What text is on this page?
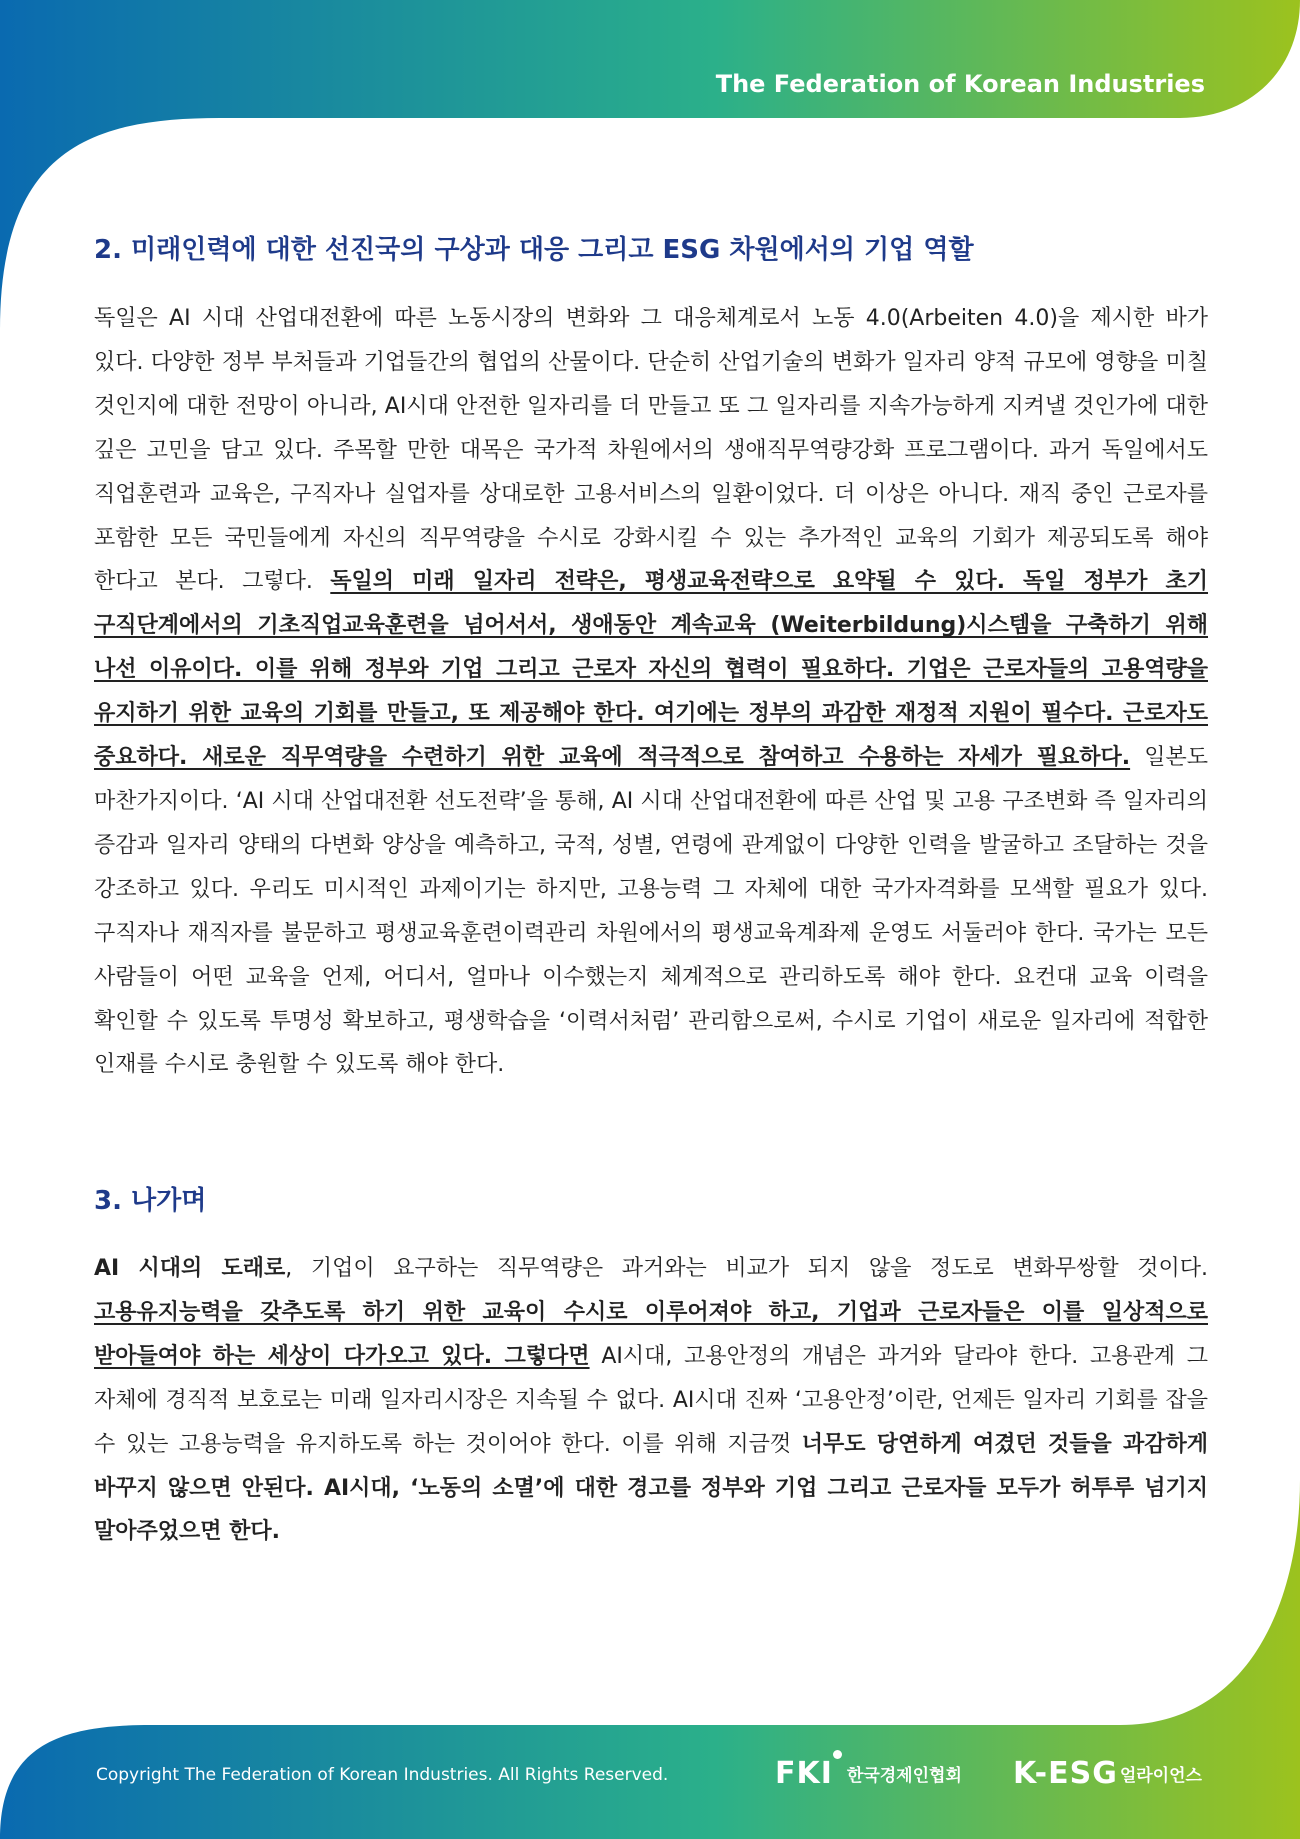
The Federation of Korean Industries
2. 미래인력에 대한 선진국의 구상과 대응 그리고 ESG 차원에서의 기업 역할

독일은 AI 시대 산업대전환에 따른 노동시장의 변화와 그 대응체계로서 노동 4.0(Arbeiten 4.0)을 제시한 바가 있다. 다양한 정부 부처들과 기업들간의 협업의 산물이다. 단순히 산업기술의 변화가 일자리 양적 규모에 영향을 미칠 것인지에 대한 전망이 아니라, AI시대 안전한 일자리를 더 만들고 또 그 일자리를 지속가능하게 지켜낼 것인가에 대한 깊은 고민을 담고 있다. 주목할 만한 대목은 국가적 차원에서의 생애직무역량강화 프로그램이다. 과거 독일에서도 직업훈련과 교육은, 구직자나 실업자를 상대로한 고용서비스의 일환이었다. 더 이상은 아니다. 재직 중인 근로자를 포함한 모든 국민들에게 자신의 직무역량을 수시로 강화시킬 수 있는 추가적인 교육의 기회가 제공되도록 해야 한다고 본다. 그렇다. 독일의 미래 일자리 전략은, 평생교육전략으로 요약될 수 있다. 독일 정부가 초기 구직단계에서의 기초직업교육훈련을 넘어서서, 생애동안 계속교육 (Weiterbildung)시스템을 구축하기 위해 나선 이유이다. 이를 위해 정부와 기업 그리고 근로자 자신의 협력이 필요하다. 기업은 근로자들의 고용역량을 유지하기 위한 교육의 기회를 만들고, 또 제공해야 한다. 여기에는 정부의 과감한 재정적 지원이 필수다. 근로자도 중요하다. 새로운 직무역량을 수련하기 위한 교육에 적극적으로 참여하고 수용하는 자세가 필요하다. 일본도 마찬가지이다. ‘AI 시대 산업대전환 선도전략’을 통해, AI 시대 산업대전환에 따른 산업 및 고용 구조변화 즉 일자리의 증감과 일자리 양태의 다변화 양상을 예측하고, 국적, 성별, 연령에 관계없이 다양한 인력을 발굴하고 조달하는 것을 강조하고 있다. 우리도 미시적인 과제이기는 하지만, 고용능력 그 자체에 대한 국가자격화를 모색할 필요가 있다. 구직자나 재직자를 불문하고 평생교육훈련이력관리 차원에서의 평생교육계좌제 운영도 서둘러야 한다. 국가는 모든 사람들이 어떤 교육을 언제, 어디서, 얼마나 이수했는지 체계적으로 관리하도록 해야 한다. 요컨대 교육 이력을 확인할 수 있도록 투명성 확보하고, 평생학습을 ‘이력서처럼’ 관리함으로써, 수시로 기업이 새로운 일자리에 적합한 인재를 수시로 충원할 수 있도록 해야 한다.

3. 나가며

AI 시대의 도래로, 기업이 요구하는 직무역량은 과거와는 비교가 되지 않을 정도로 변화무쌍할 것이다. 고용유지능력을 갖추도록 하기 위한 교육이 수시로 이루어져야 하고, 기업과 근로자들은 이를 일상적으로 받아들여야 하는 세상이 다가오고 있다. 그렇다면 AI시대, 고용안정의 개념은 과거와 달라야 한다. 고용관계 그 자체에 경직적 보호로는 미래 일자리시장은 지속될 수 없다. AI시대 진짜 ‘고용안정’이란, 언제든 일자리 기회를 잡을 수 있는 고용능력을 유지하도록 하는 것이어야 한다. 이를 위해 지금껏 너무도 당연하게 여겼던 것들을 과감하게 바꾸지 않으면 안된다. AI시대, ‘노동의 소멸’에 대한 경고를 정부와 기업 그리고 근로자들 모두가 허투루 넘기지 말아주었으면 한다.

Copyright The Federation of Korean Industries. All Rights Reserved.	FKI 한국경제인협회 K-ESG 얼라이언스
